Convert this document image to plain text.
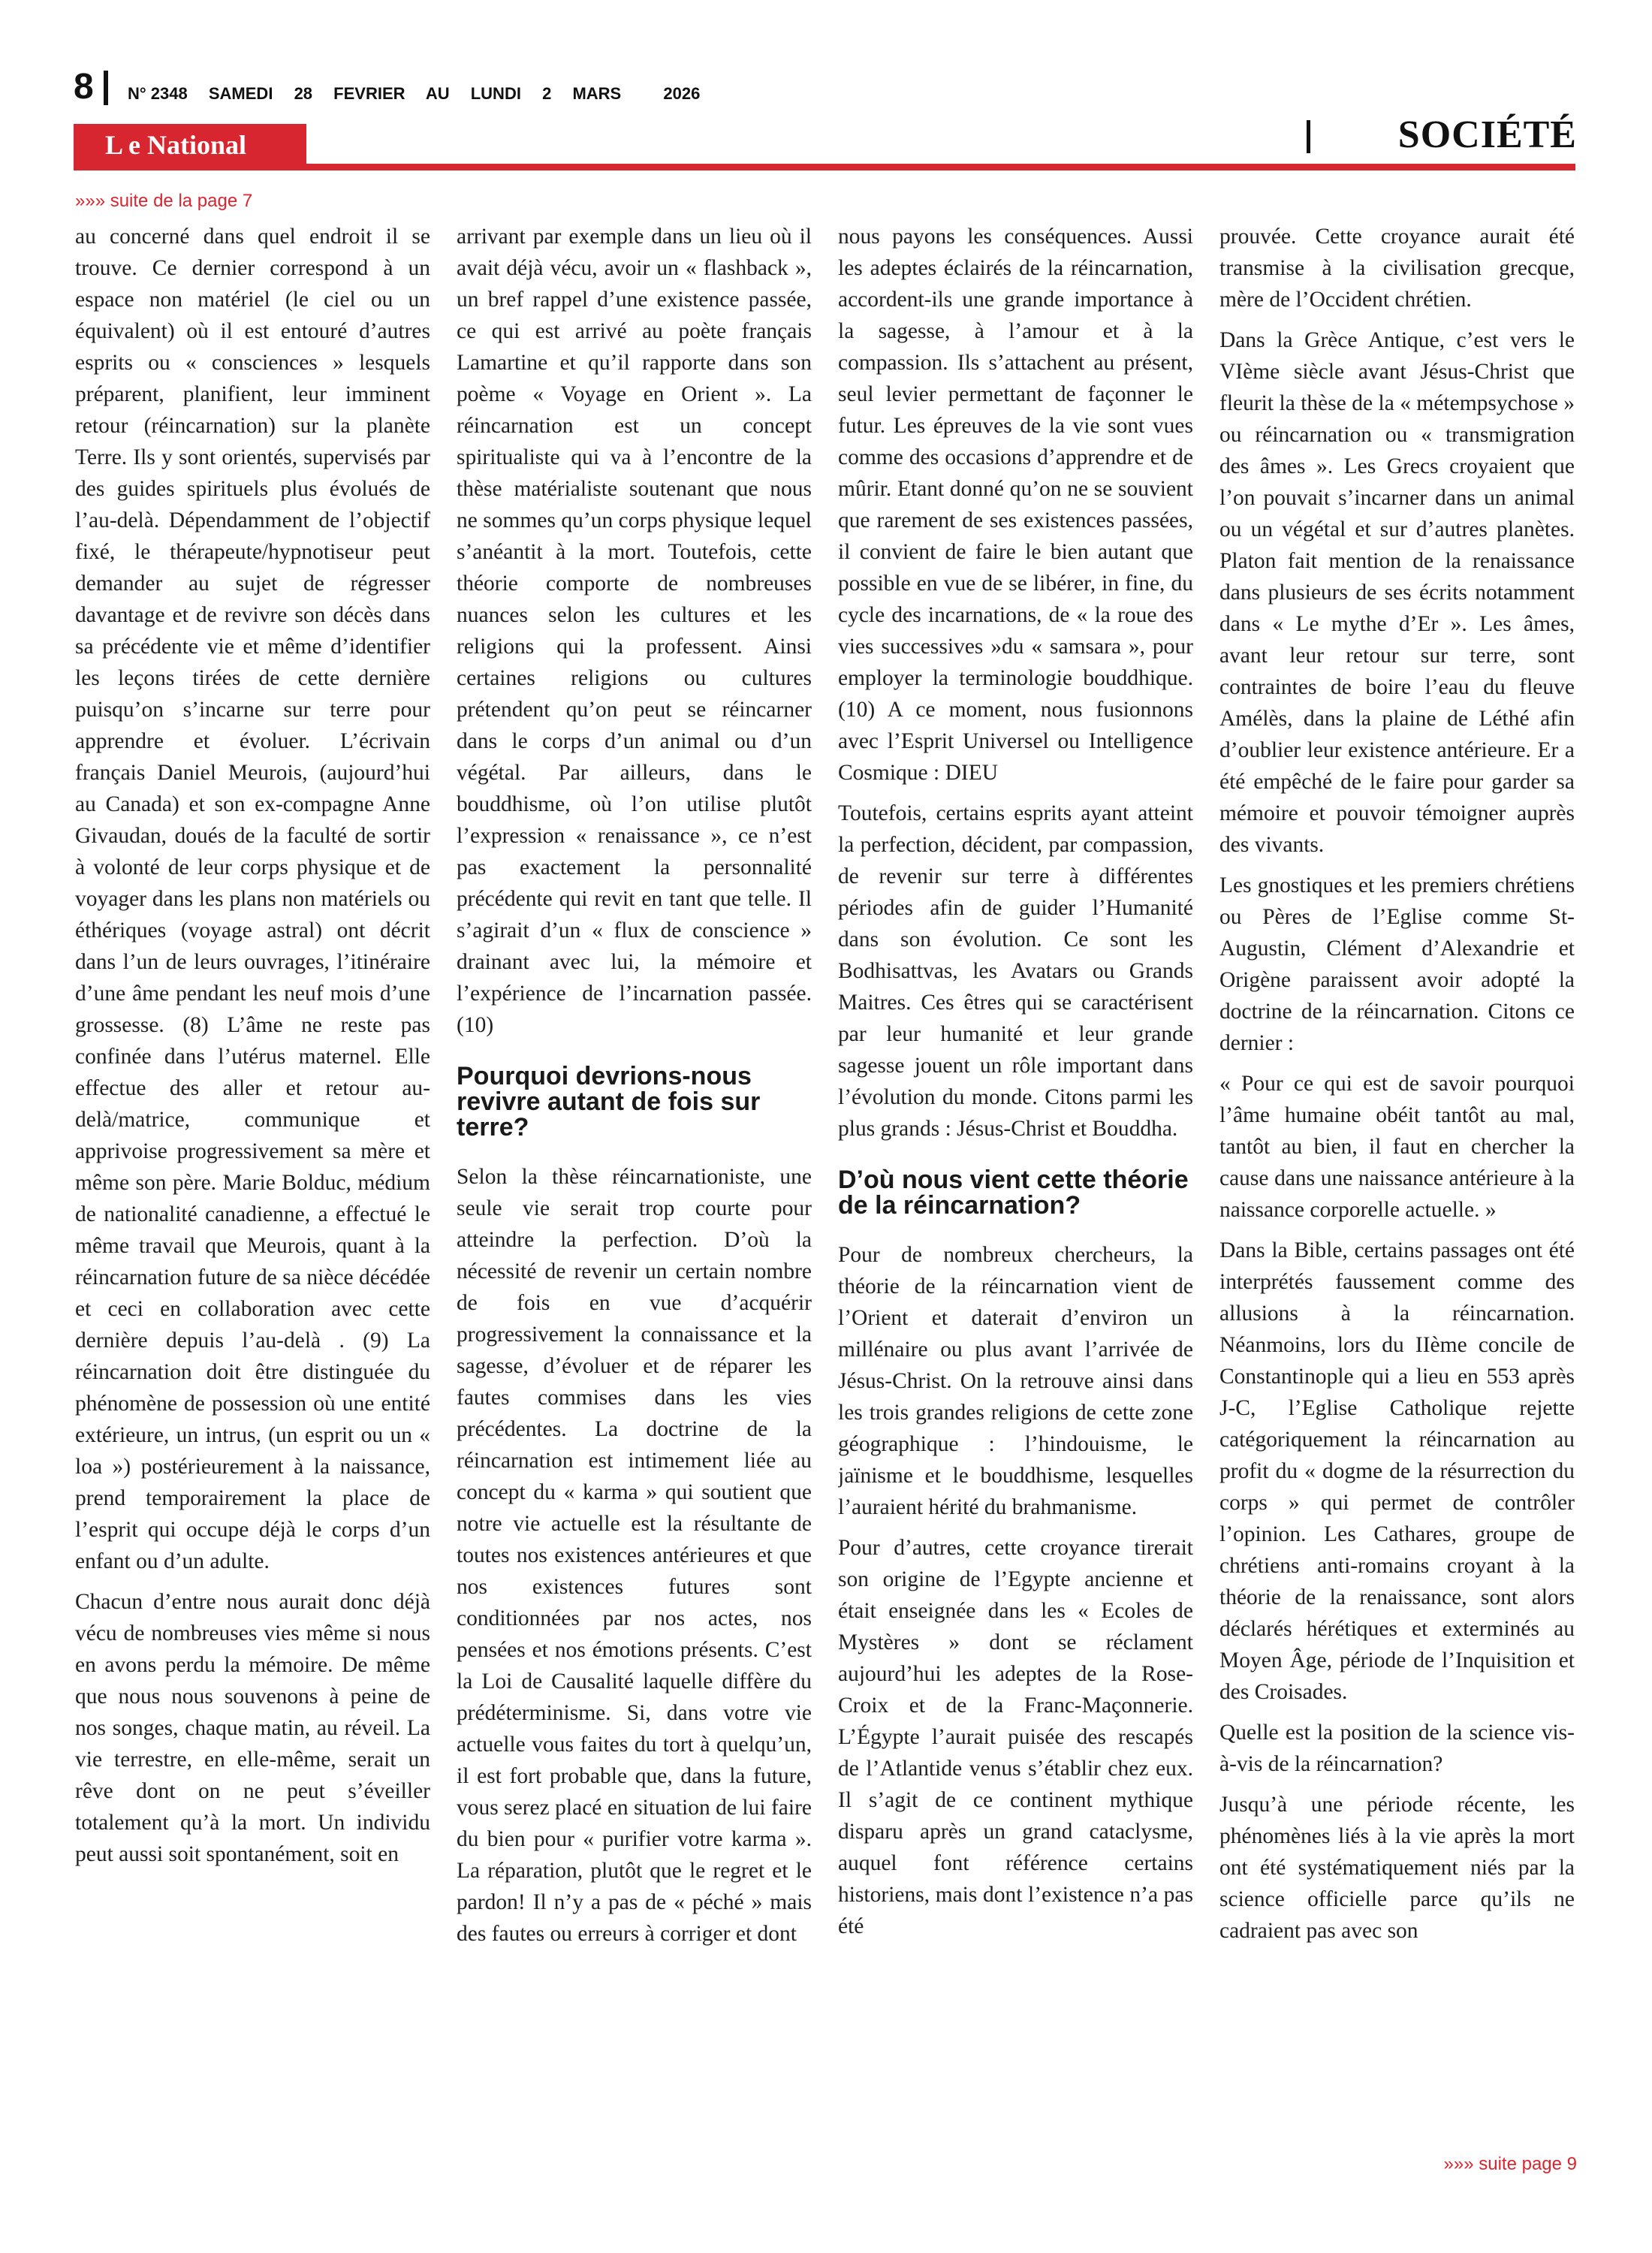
8 N° 2348 SAMEDI 28 FEVRIER AU LUNDI 2 MARS	2026
L e National	SOCIÉTÉ
»»» suite de la page 7

au concerné dans quel endroit il se trouve. Ce dernier correspond à un espace non matériel (le ciel ou un équivalent) où il est entouré d’autres esprits ou « consciences » lesquels préparent, planifient, leur imminent retour (réincarnation) sur la planète Terre. Ils y sont orientés, supervisés par des guides spirituels plus évolués de l’au-delà. Dépendamment de l’objectif fixé, le thérapeute/hypnotiseur peut demander au sujet de régresser davantage et de revivre son décès dans sa précédente vie et même d’identifier les leçons tirées de cette dernière puisqu’on s’incarne sur terre pour apprendre et évoluer. L’écrivain français Daniel Meurois, (aujourd’hui au Canada) et son ex-compagne Anne Givaudan, doués de la faculté de sortir à volonté de leur corps physique et de voyager dans les plans non matériels ou éthériques (voyage astral) ont décrit dans l’un de leurs ouvrages, l’itinéraire d’une âme pendant les neuf mois d’une grossesse. (8) L’âme ne reste pas confinée dans l’utérus maternel. Elle effectue des aller et retour au-delà/matrice, communique et apprivoise progressivement sa mère et même son père. Marie Bolduc, médium de nationalité canadienne, a effectué le même travail que Meurois, quant à la réincarnation future de sa nièce décédée et ceci en collaboration avec cette dernière depuis l’au-delà . (9) La réincarnation doit être distinguée du phénomène de possession où une entité extérieure, un intrus, (un esprit ou un « loa ») postérieurement à la naissance, prend temporairement la place de l’esprit qui occupe déjà le corps d’un enfant ou d’un adulte.

Chacun d’entre nous aurait donc déjà vécu de nombreuses vies même si nous en avons perdu la mémoire. De même que nous nous souvenons à peine de nos songes, chaque matin, au réveil. La vie terrestre, en elle-même, serait un rêve dont on ne peut s’éveiller totalement qu’à la mort. Un individu peut aussi soit spontanément, soit en

arrivant par exemple dans un lieu où il avait déjà vécu, avoir un « flashback », un bref rappel d’une existence passée, ce qui est arrivé au poète français Lamartine et qu’il rapporte dans son poème « Voyage en Orient ». La réincarnation est un concept spiritualiste qui va à l’encontre de la thèse matérialiste soutenant que nous ne sommes qu’un corps physique lequel s’anéantit à la mort. Toutefois, cette théorie comporte de nombreuses nuances selon les cultures et les religions qui la professent. Ainsi certaines religions ou cultures prétendent qu’on peut se réincarner dans le corps d’un animal ou d’un végétal. Par ailleurs, dans le bouddhisme, où l’on utilise plutôt l’expression « renaissance », ce n’est pas exactement la personnalité précédente qui revit en tant que telle. Il s’agirait d’un « flux de conscience » drainant avec lui, la mémoire et l’expérience de l’incarnation passée.(10)

Pourquoi devrions-nous revivre autant de fois sur terre?

Selon la thèse réincarnationiste, une seule vie serait trop courte pour atteindre la perfection. D’où la nécessité de revenir un certain nombre de fois en vue d’acquérir progressivement la connaissance et la sagesse, d’évoluer et de réparer les fautes commises dans les vies précédentes. La doctrine de la réincarnation est intimement liée au concept du « karma » qui soutient que notre vie actuelle est la résultante de toutes nos existences antérieures et que nos existences futures sont conditionnées par nos actes, nos pensées et nos émotions présents. C’est la Loi de Causalité laquelle diffère du prédéterminisme. Si, dans votre vie actuelle vous faites du tort à quelqu’un, il est fort probable que, dans la future, vous serez placé en situation de lui faire du bien pour « purifier votre karma ». La réparation, plutôt que le regret et le pardon! Il n’y a pas de « péché » mais des fautes ou erreurs à corriger et dont

nous payons les conséquences. Aussi les adeptes éclairés de la réincarnation, accordent-ils une grande importance à la sagesse, à l’amour et à la compassion. Ils s’attachent au présent, seul levier permettant de façonner le futur. Les épreuves de la vie sont vues comme des occasions d’apprendre et de mûrir. Etant donné qu’on ne se souvient que rarement de ses existences passées, il convient de faire le bien autant que possible en vue de se libérer, in fine, du cycle des incarnations, de « la roue des vies successives »du « samsara », pour employer la terminologie bouddhique. (10) A ce moment, nous fusionnons avec l’Esprit Universel ou Intelligence Cosmique : DIEU

Toutefois, certains esprits ayant atteint la perfection, décident, par compassion, de revenir sur terre à différentes périodes afin de guider l’Humanité dans son évolution. Ce sont les Bodhisattvas, les Avatars ou Grands Maitres. Ces êtres qui se caractérisent par leur humanité et leur grande sagesse jouent un rôle important dans l’évolution du monde. Citons parmi les plus grands : Jésus-Christ et Bouddha.

D’où nous vient cette théorie de la réincarnation?

Pour de nombreux chercheurs, la théorie de la réincarnation vient de l’Orient et daterait d’environ un millénaire ou plus avant l’arrivée de Jésus-Christ. On la retrouve ainsi dans les trois grandes religions de cette zone géographique : l’hindouisme, le jaïnisme et le bouddhisme, lesquelles l’auraient hérité du brahmanisme.

Pour d’autres, cette croyance tirerait son origine de l’Egypte ancienne et était enseignée dans les « Ecoles de Mystères » dont se réclament aujourd’hui les adeptes de la Rose-Croix et de la Franc-Maçonnerie. L’Égypte l’aurait puisée des rescapés de l’Atlantide venus s’établir chez eux. Il s’agit de ce continent mythique disparu après un grand cataclysme, auquel font référence certains historiens, mais dont l’existence n’a pas été

prouvée. Cette croyance aurait été transmise à la civilisation grecque, mère de l’Occident chrétien.

Dans la Grèce Antique, c’est vers le VIème siècle avant Jésus-Christ que fleurit la thèse de la « métempsychose » ou réincarnation ou « transmigration des âmes ». Les Grecs croyaient que l’on pouvait s’incarner dans un animal ou un végétal et sur d’autres planètes. Platon fait mention de la renaissance dans plusieurs de ses écrits notamment dans « Le mythe d’Er ». Les âmes, avant leur retour sur terre, sont contraintes de boire l’eau du fleuve Amélès, dans la plaine de Léthé afin d’oublier leur existence antérieure. Er a été empêché de le faire pour garder sa mémoire et pouvoir témoigner auprès des vivants.

Les gnostiques et les premiers chrétiens ou Pères de l’Eglise comme St-Augustin, Clément d’Alexandrie et Origène paraissent avoir adopté la doctrine de la réincarnation. Citons ce dernier :

« Pour ce qui est de savoir pourquoi l’âme humaine obéit tantôt au mal, tantôt au bien, il faut en chercher la cause dans une naissance antérieure à la naissance corporelle actuelle. »

Dans la Bible, certains passages ont été interprétés faussement comme des allusions à la réincarnation. Néanmoins, lors du IIème concile de Constantinople qui a lieu en 553 après J-C, l’Eglise Catholique rejette catégoriquement la réincarnation au profit du « dogme de la résurrection du corps » qui permet de contrôler l’opinion. Les Cathares, groupe de chrétiens anti-romains croyant à la théorie de la renaissance, sont alors déclarés hérétiques et exterminés au Moyen Âge, période de l’Inquisition et des Croisades.

Quelle est la position de la science vis-à-vis de la réincarnation?

Jusqu’à une période récente, les phénomènes liés à la vie après la mort ont été systématiquement niés par la science officielle parce qu’ils ne cadraient pas avec son

»»» suite page 9
